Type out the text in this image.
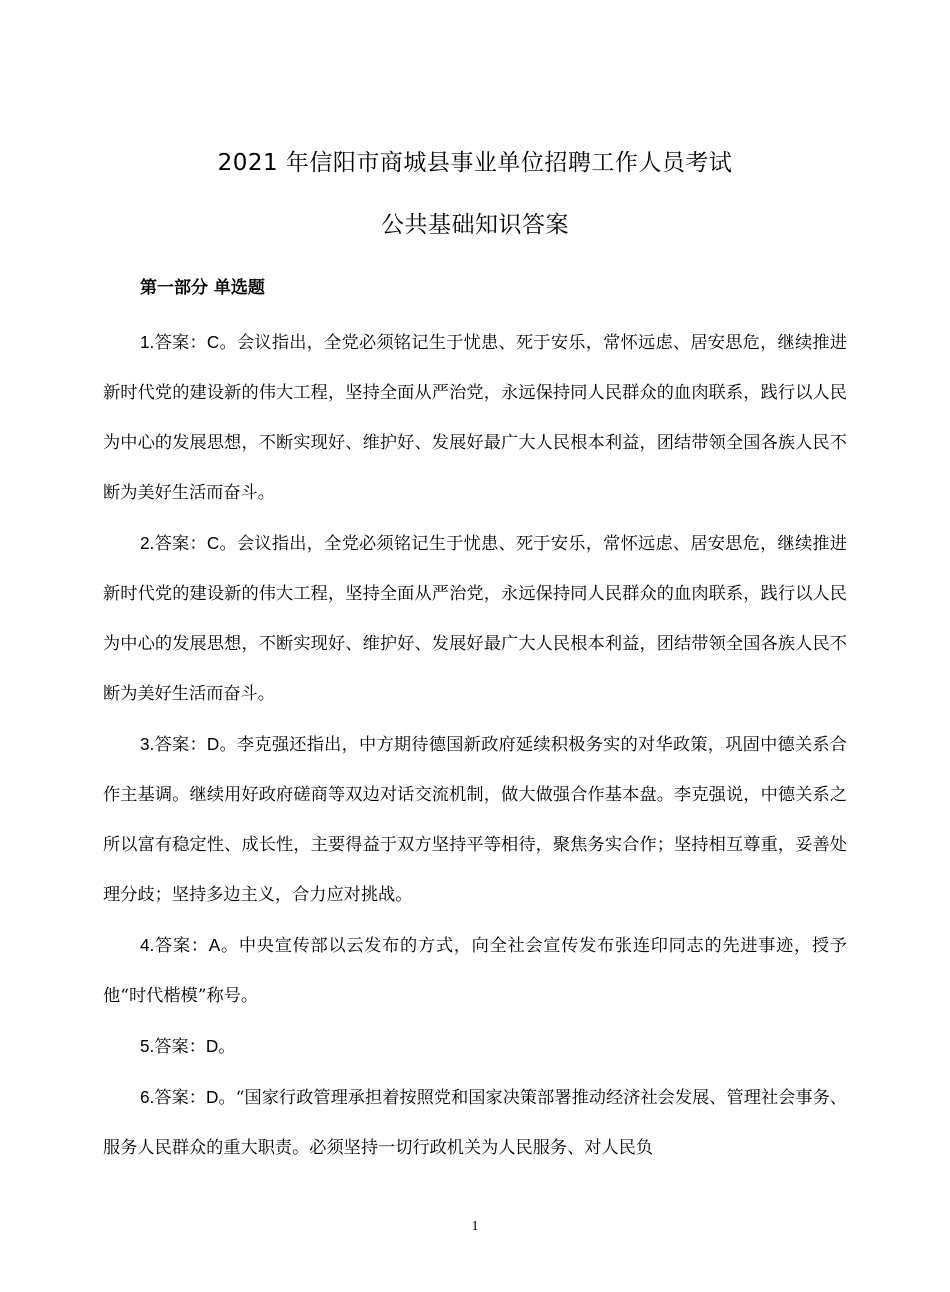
2021 年信阳市商城县事业单位招聘工作人员考试
公共基础知识答案
第一部分 单选题

1.答案：C。会议指出，全党必须铭记生于忧患、死于安乐，常怀远虑、居安思危，继续推进新时代党的建设新的伟大工程，坚持全面从严治党，永远保持同人民群众的血肉联系，践行以人民为中心的发展思想，不断实现好、维护好、发展好最广大人民根本利益，团结带领全国各族人民不断为美好生活而奋斗。

2.答案：C。会议指出，全党必须铭记生于忧患、死于安乐，常怀远虑、居安思危，继续推进新时代党的建设新的伟大工程，坚持全面从严治党，永远保持同人民群众的血肉联系，践行以人民为中心的发展思想，不断实现好、维护好、发展好最广大人民根本利益，团结带领全国各族人民不断为美好生活而奋斗。

3.答案：D。李克强还指出，中方期待德国新政府延续积极务实的对华政策，巩固中德关系合作主基调。继续用好政府磋商等双边对话交流机制，做大做强合作基本盘。李克强说，中德关系之所以富有稳定性、成长性，主要得益于双方坚持平等相待，聚焦务实合作；坚持相互尊重，妥善处理分歧；坚持多边主义，合力应对挑战。

4.答案：A。中央宣传部以云发布的方式，向全社会宣传发布张连印同志的先进事迹，授予他“时代楷模”称号。

5.答案：D。

6.答案：D。“国家行政管理承担着按照党和国家决策部署推动经济社会发展、管理社会事务、服务人民群众的重大职责。必须坚持一切行政机关为人民服务、对人民负

1
